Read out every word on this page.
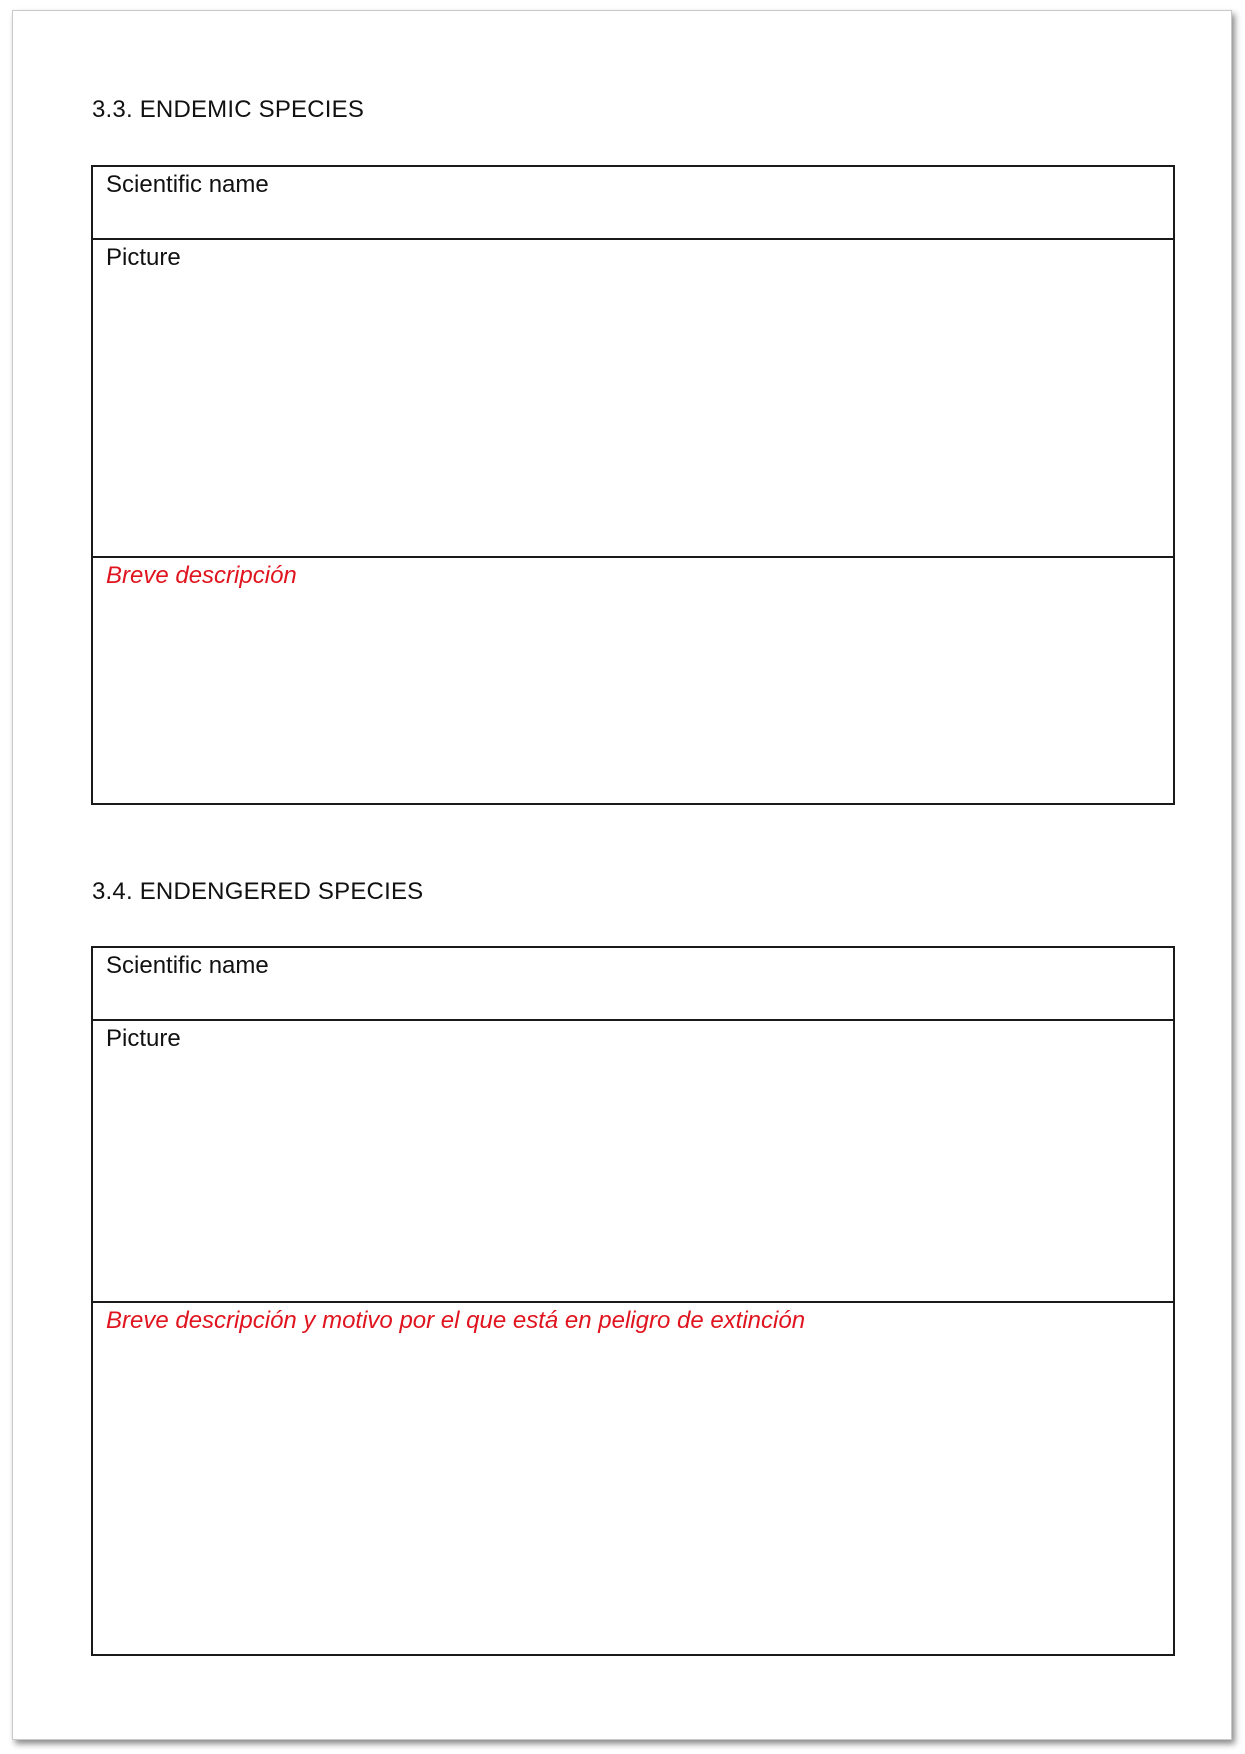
3.3. ENDEMIC SPECIES
Scientific name
Picture
Breve descripción
3.4. ENDENGERED SPECIES
Scientific name
Picture
Breve descripción y motivo por el que está en peligro de extinción
